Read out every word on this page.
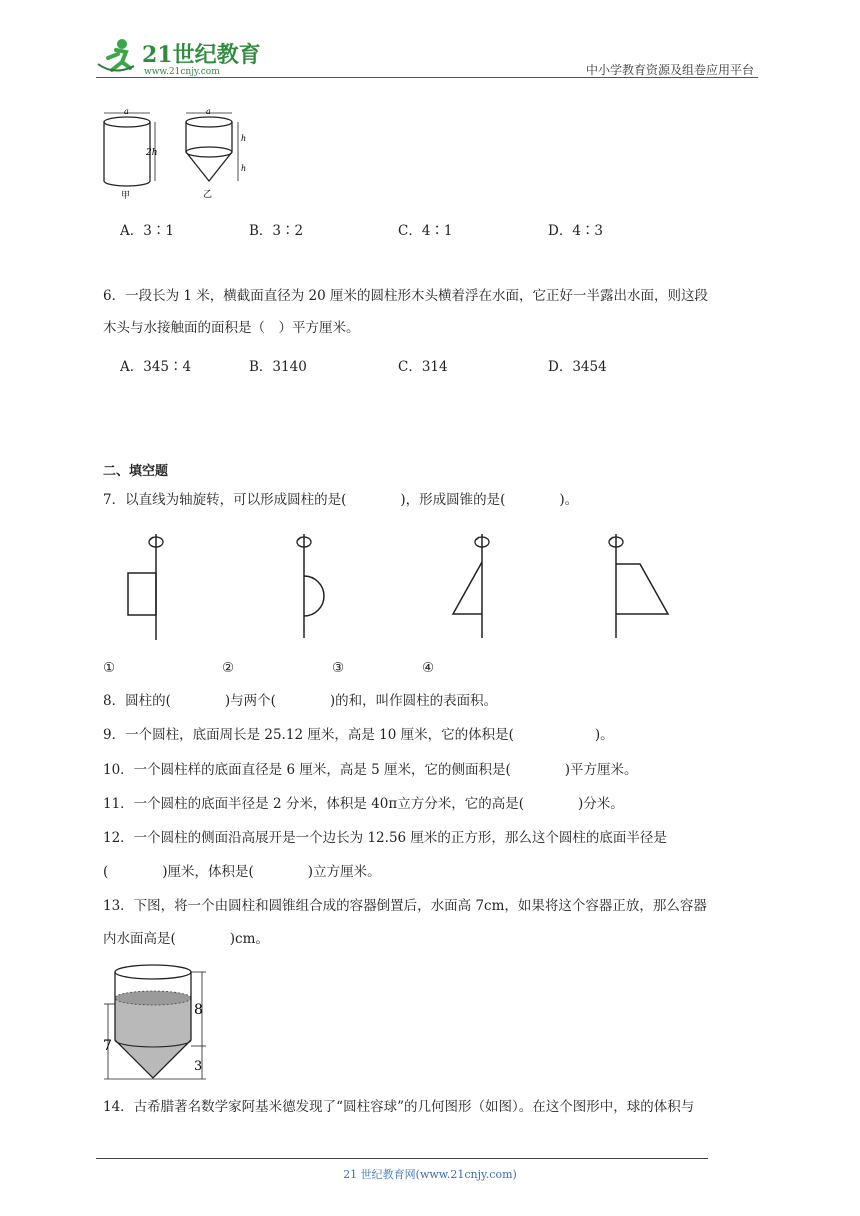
21世纪教育
www.21cnjy.com	中小学教育资源及组卷应用平台
a
2h
甲
a
h
h
乙
A．3∶1	B．3∶2	C．4∶1	D．4∶3
6．一段长为 1 米，横截面直径为 20 厘米的圆柱形木头横着浮在水面，它正好一半露出水面，则这段
木头与水接触面的面积是（　）平方厘米。
A．345∶4	B．3140	C．314	D．3454
二、填空题
7．以直线为轴旋转，可以形成圆柱的是(　　　　)，形成圆锥的是(　　　　)。
①	②	③	④
8．圆柱的(　　　　)与两个(　　　　)的和，叫作圆柱的表面积。
9．一个圆柱，底面周长是 25.12 厘米，高是 10 厘米，它的体积是(　　　　　　)。
10．一个圆柱样的底面直径是 6 厘米，高是 5 厘米，它的侧面积是(　　　　)平方厘米。
11．一个圆柱的底面半径是 2 分米，体积是 40π立方分米，它的高是(　　　　)分米。
12．一个圆柱的侧面沿高展开是一个边长为 12.56 厘米的正方形，那么这个圆柱的底面半径是
(　　　　)厘米，体积是(　　　　)立方厘米。
13．下图，将一个由圆柱和圆锥组合成的容器倒置后，水面高 7cm，如果将这个容器正放，那么容器
内水面高是(　　　　)cm。
7
8
3
14．古希腊著名数学家阿基米德发现了“圆柱容球”的几何图形（如图）。在这个图形中，球的体积与
21 世纪教育网(www.21cnjy.com)
